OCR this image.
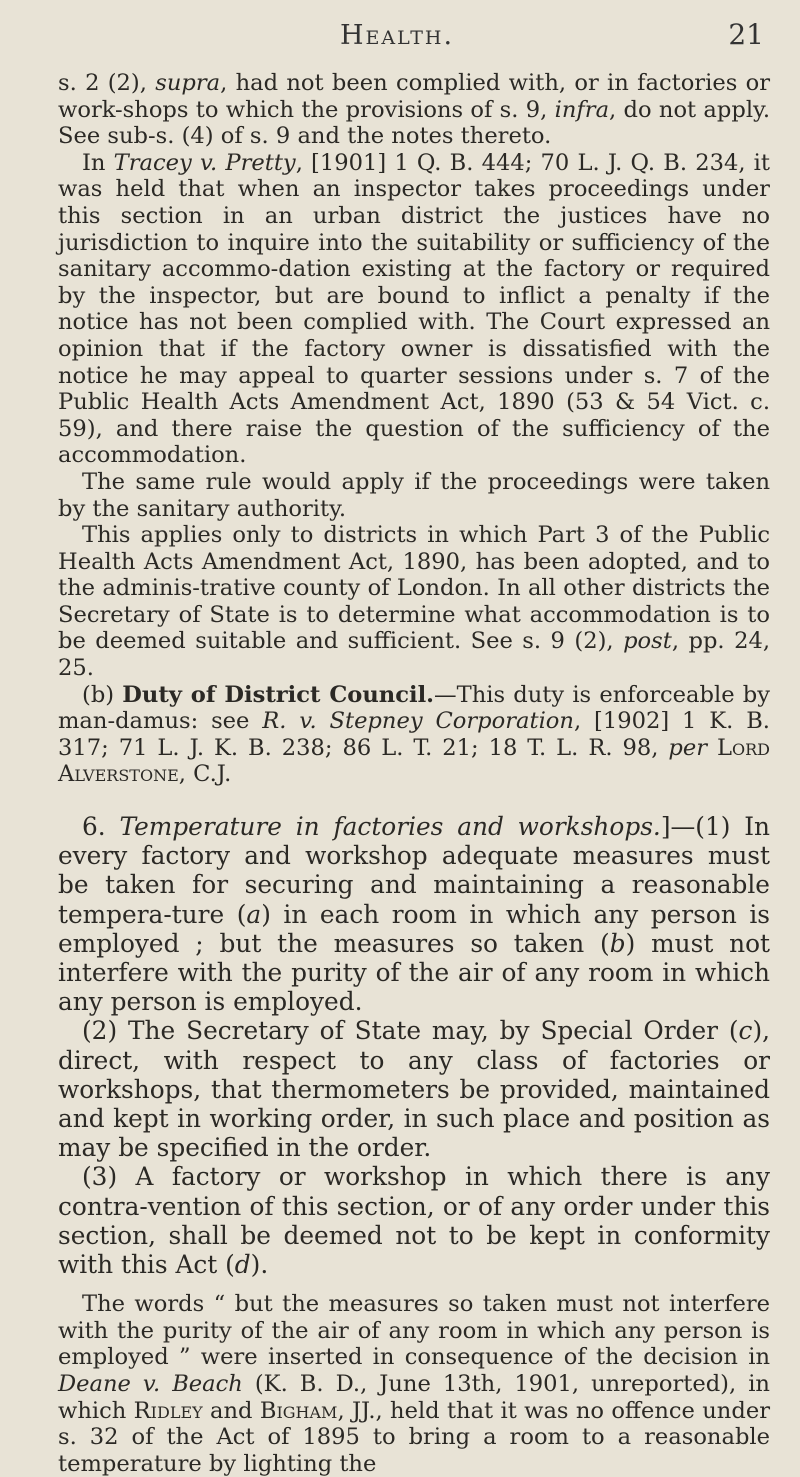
Health.	21

s. 2 (2), supra, had not been complied with, or in factories or work-shops to which the provisions of s. 9, infra, do not apply. See sub-s. (4) of s. 9 and the notes thereto.

In Tracey v. Pretty, [1901] 1 Q. B. 444; 70 L. J. Q. B. 234, it was held that when an inspector takes proceedings under this section in an urban district the justices have no jurisdiction to inquire into the suitability or sufficiency of the sanitary accommo-dation existing at the factory or required by the inspector, but are bound to inflict a penalty if the notice has not been complied with. The Court expressed an opinion that if the factory owner is dissatisfied with the notice he may appeal to quarter sessions under s. 7 of the Public Health Acts Amendment Act, 1890 (53 & 54 Vict. c. 59), and there raise the question of the sufficiency of the accommodation.

The same rule would apply if the proceedings were taken by the sanitary authority.

This applies only to districts in which Part 3 of the Public Health Acts Amendment Act, 1890, has been adopted, and to the adminis-trative county of London. In all other districts the Secretary of State is to determine what accommodation is to be deemed suitable and sufficient. See s. 9 (2), post, pp. 24, 25.

(b) Duty of District Council.—This duty is enforceable by man-damus: see R. v. Stepney Corporation, [1902] 1 K. B. 317; 71 L. J. K. B. 238; 86 L. T. 21; 18 T. L. R. 98, per Lord Alverstone, C.J.

6. Temperature in factories and workshops.]—(1) In every factory and workshop adequate measures must be taken for securing and maintaining a reasonable tempera-ture (a) in each room in which any person is employed ; but the measures so taken (b) must not interfere with the purity of the air of any room in which any person is employed.

(2) The Secretary of State may, by Special Order (c), direct, with respect to any class of factories or workshops, that thermometers be provided, maintained and kept in working order, in such place and position as may be specified in the order.

(3) A factory or workshop in which there is any contra-vention of this section, or of any order under this section, shall be deemed not to be kept in conformity with this Act (d).

The words “ but the measures so taken must not interfere with the purity of the air of any room in which any person is employed ” were inserted in consequence of the decision in Deane v. Beach (K. B. D., June 13th, 1901, unreported), in which Ridley and Bigham, JJ., held that it was no offence under s. 32 of the Act of 1895 to bring a room to a reasonable temperature by lighting the
